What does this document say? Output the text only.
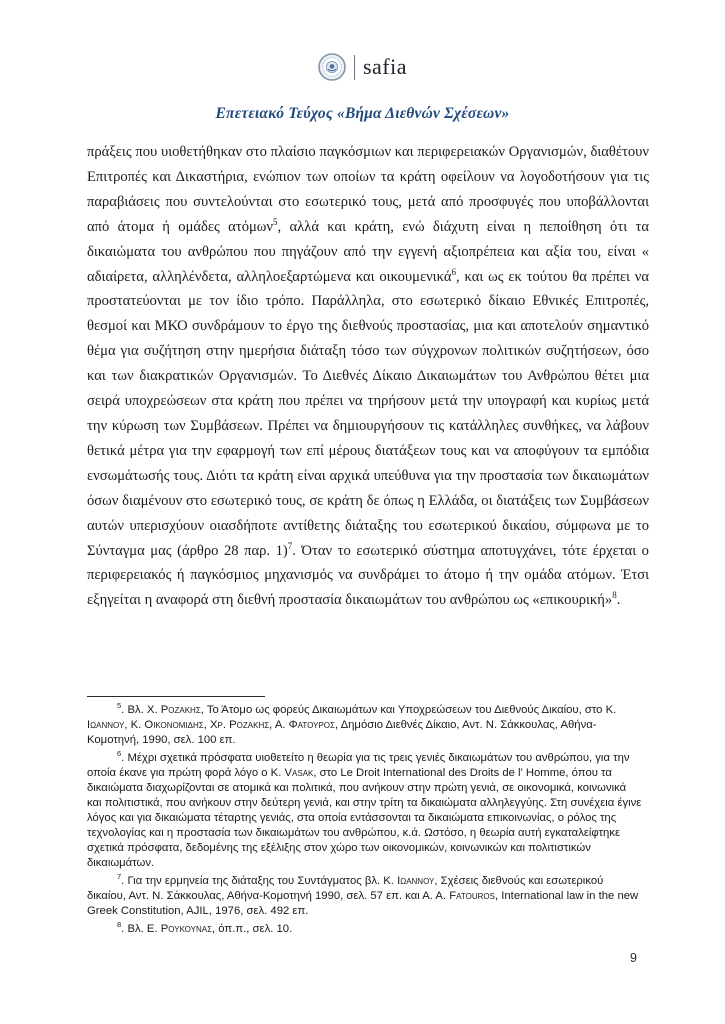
safia
Επετειακό Τεύχος «Βήμα Διεθνών Σχέσεων»
πράξεις που υιοθετήθηκαν στο πλαίσιο παγκόσμιων και περιφερειακών Οργανισμών, διαθέτουν Επιτροπές και Δικαστήρια, ενώπιον των οποίων τα κράτη οφείλουν να λογοδοτήσουν για τις παραβιάσεις που συντελούνται στο εσωτερικό τους, μετά από προσφυγές που υποβάλλονται από άτομα ή ομάδες ατόμων$^5$, αλλά και κράτη, ενώ διάχυτη είναι η πεποίθηση ότι τα δικαιώματα του ανθρώπου που πηγάζουν από την εγγενή αξιοπρέπεια και αξία του, είναι « αδιαίρετα, αλληλένδετα, αλληλοεξαρτώμενα και οικουμενικά$^6$, και ως εκ τούτου θα πρέπει να προστατεύονται με τον ίδιο τρόπο. Παράλληλα, στο εσωτερικό δίκαιο Εθνικές Επιτροπές, θεσμοί και ΜΚΟ συνδράμουν το έργο της διεθνούς προστασίας, μια και αποτελούν σημαντικό θέμα για συζήτηση στην ημερήσια διάταξη τόσο των σύγχρονων πολιτικών συζητήσεων, όσο και των διακρατικών Οργανισμών. Το Διεθνές Δίκαιο Δικαιωμάτων του Ανθρώπου θέτει μια σειρά υποχρεώσεων στα κράτη που πρέπει να τηρήσουν μετά την υπογραφή και κυρίως μετά την κύρωση των Συμβάσεων. Πρέπει να δημιουργήσουν τις κατάλληλες συνθήκες, να λάβουν θετικά μέτρα για την εφαρμογή των επί μέρους διατάξεων τους και να αποφύγουν τα εμπόδια ενσωμάτωσής τους. Διότι τα κράτη είναι αρχικά υπεύθυνα για την προστασία των δικαιωμάτων όσων διαμένουν στο εσωτερικό τους, σε κράτη δε όπως η Ελλάδα, οι διατάξεις των Συμβάσεων αυτών υπερισχύουν οιασδήποτε αντίθετης διάταξης του εσωτερικού δικαίου, σύμφωνα με το Σύνταγμα μας (άρθρο 28 παρ. 1)$^7$. Όταν το εσωτερικό σύστημα αποτυγχάνει, τότε έρχεται ο περιφερειακός ή παγκόσμιος μηχανισμός να συνδράμει το άτομο ή την ομάδα ατόμων. Έτσι εξηγείται η αναφορά στη διεθνή προστασία δικαιωμάτων του ανθρώπου ως «επικουρική»$^8$.
$^5$. Βλ. Χ. Ροζακης, Το Άτομο ως φορεύς Δικαιωμάτων και Υποχρεώσεων του Διεθνούς Δικαίου, στο Κ. Ιωαννου, Κ. Οικονομιδης, Χρ. Ροζακης, Α. Φατουρος, Δημόσιο Διεθνές Δίκαιο, Αντ. Ν. Σάκκουλας, Αθήνα-Κομοτηνή, 1990, σελ. 100 επ.
$^6$. Μέχρι σχετικά πρόσφατα υιοθετείτο η θεωρία για τις τρεις γενιές δικαιωμάτων του ανθρώπου, για την οποία έκανε για πρώτη φορά λόγο ο Κ. Vasak, στο Le Droit International des Droits de l' Homme, όπου τα δικαιώματα διαχωρίζονται σε ατομικά και πολιτικά, που ανήκουν στην πρώτη γενιά, σε οικονομικά, κοινωνικά και πολιτιστικά, που ανήκουν στην δεύτερη γενιά, και στην τρίτη τα δικαιώματα αλληλεγγύης. Στη συνέχεια έγινε λόγος και για δικαιώματα τέταρτης γενιάς, στα οποία εντάσσονται τα δικαιώματα επικοινωνίας, ο ρόλος της τεχνολογίας και η προστασία των δικαιωμάτων του ανθρώπου, κ.ά. Ωστόσο, η θεωρία αυτή εγκαταλείφτηκε σχετικά πρόσφατα, δεδομένης της εξέλιξης στον χώρο των οικονομικών, κοινωνικών και πολιτιστικών δικαιωμάτων.
$^7$. Για την ερμηνεία της διάταξης του Συντάγματος βλ. Κ. Ιωαννου, Σχέσεις διεθνούς και εσωτερικού δικαίου, Αντ. Ν. Σάκκουλας, Αθήνα-Κομοτηνή 1990, σελ. 57 επ. και Α. Α. Fatouros, International law in the new Greek Constitution, AJIL, 1976, σελ. 492 επ.
$^8$. Βλ. Ε. Ρουκουνας, όπ.π., σελ. 10.
9
